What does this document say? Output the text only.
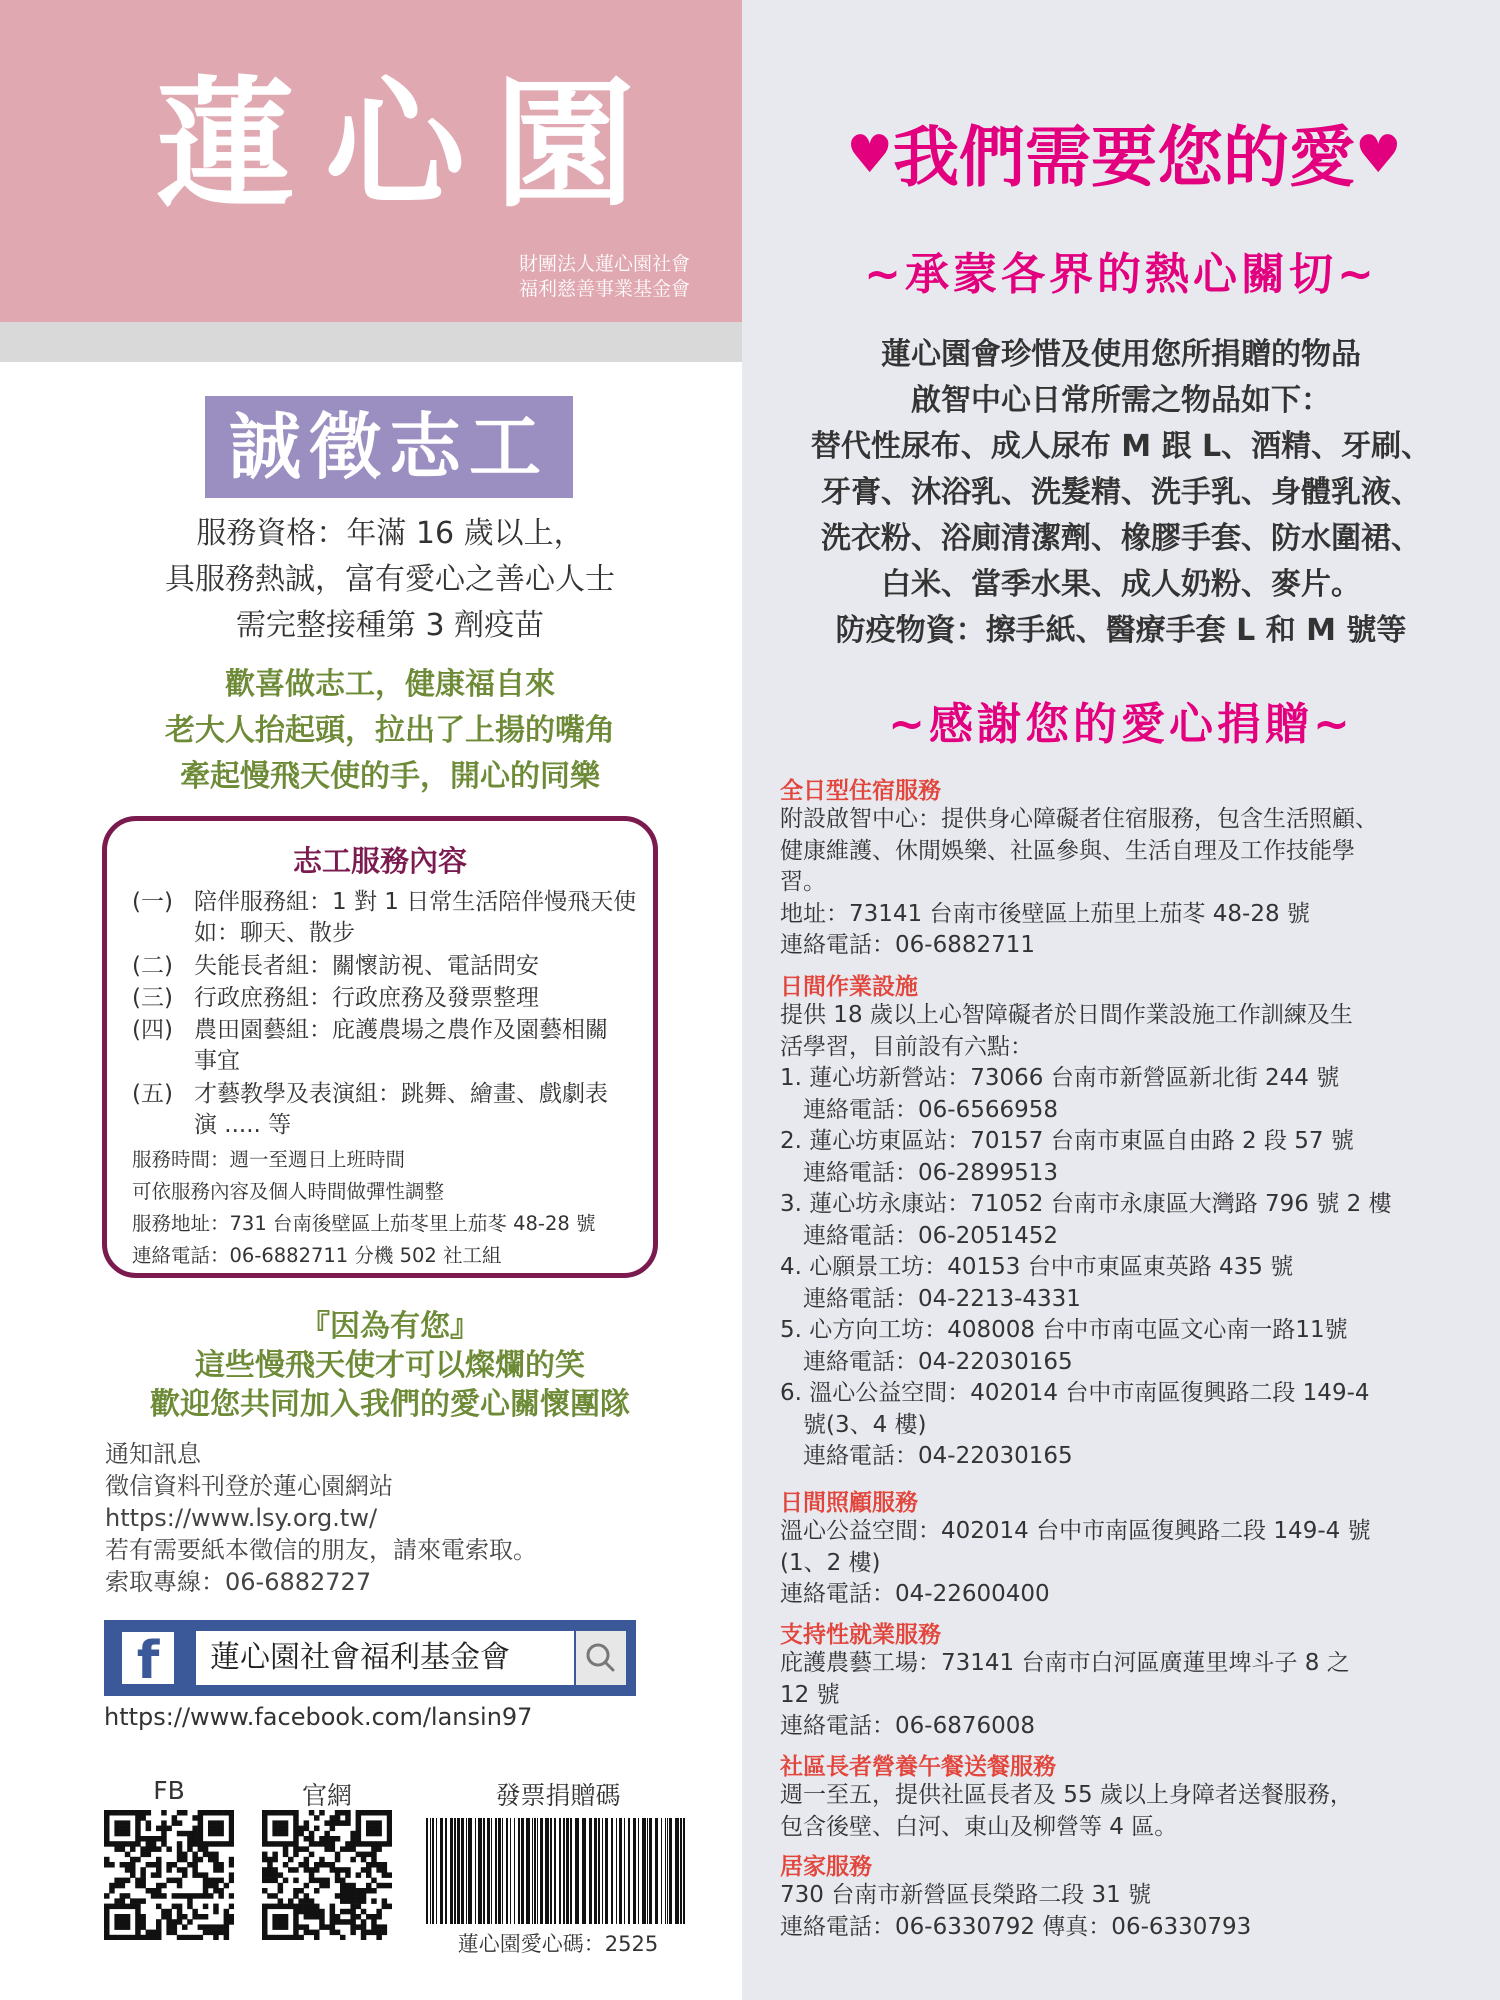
蓮心園
財團法人蓮心園社會
福利慈善事業基金會
誠徵志工
服務資格：年滿 16 歲以上，
具服務熱誠，富有愛心之善心人士
需完整接種第 3 劑疫苗
歡喜做志工，健康福自來
老大人抬起頭，拉出了上揚的嘴角
牽起慢飛天使的手，開心的同樂
志工服務內容
(一) 陪伴服務組：1 對 1 日常生活陪伴慢飛天使
如：聊天、散步
(二) 失能長者組：關懷訪視、電話問安
(三) 行政庶務組：行政庶務及發票整理
(四) 農田園藝組：庇護農場之農作及園藝相關
事宜
(五) 才藝教學及表演組：跳舞、繪畫、戲劇表
演 ..... 等
服務時間：週一至週日上班時間
可依服務內容及個人時間做彈性調整
服務地址：731 台南後壁區上茄苳里上茄苳 48-28 號
連絡電話：06-6882711 分機 502 社工組
『因為有您』
這些慢飛天使才可以燦爛的笑
歡迎您共同加入我們的愛心關懷團隊
通知訊息
徵信資料刊登於蓮心園網站
https://www.lsy.org.tw/
若有需要紙本徵信的朋友，請來電索取。
索取專線：06-6882727
f	蓮心園社會福利基金會
https://www.facebook.com/lansin97
FB	官網	發票捐贈碼
蓮心園愛心碼：2525
♥我們需要您的愛♥
~承蒙各界的熱心關切~
蓮心園會珍惜及使用您所捐贈的物品
啟智中心日常所需之物品如下：
替代性尿布、成人尿布 M 跟 L、酒精、牙刷、
牙膏、沐浴乳、洗髮精、洗手乳、身體乳液、
洗衣粉、浴廁清潔劑、橡膠手套、防水圍裙、
白米、當季水果、成人奶粉、麥片。
防疫物資：擦手紙、醫療手套 L 和 M 號等
~感謝您的愛心捐贈~
全日型住宿服務
附設啟智中心：提供身心障礙者住宿服務，包含生活照顧、
健康維護、休閒娛樂、社區參與、生活自理及工作技能學
習。
地址：73141 台南市後壁區上茄里上茄苳 48-28 號
連絡電話：06-6882711
日間作業設施
提供 18 歲以上心智障礙者於日間作業設施工作訓練及生
活學習，目前設有六點：
1. 蓮心坊新營站：73066 台南市新營區新北街 244 號
　連絡電話：06-6566958
2. 蓮心坊東區站：70157 台南市東區自由路 2 段 57 號
　連絡電話：06-2899513
3. 蓮心坊永康站：71052 台南市永康區大灣路 796 號 2 樓
　連絡電話：06-2051452
4. 心願景工坊：40153 台中市東區東英路 435 號
　連絡電話：04-2213-4331
5. 心方向工坊：408008 台中市南屯區文心南一路11號
　連絡電話：04-22030165
6. 溫心公益空間：402014 台中市南區復興路二段 149-4
　號(3、4 樓)
　連絡電話：04-22030165
日間照顧服務
溫心公益空間：402014 台中市南區復興路二段 149-4 號
(1、2 樓)
連絡電話：04-22600400
支持性就業服務
庇護農藝工場：73141 台南市白河區廣蓮里埤斗子 8 之
12 號
連絡電話：06-6876008
社區長者營養午餐送餐服務
週一至五，提供社區長者及 55 歲以上身障者送餐服務，
包含後壁、白河、東山及柳營等 4 區。
居家服務
730 台南市新營區長榮路二段 31 號
連絡電話：06-6330792 傳真：06-6330793
